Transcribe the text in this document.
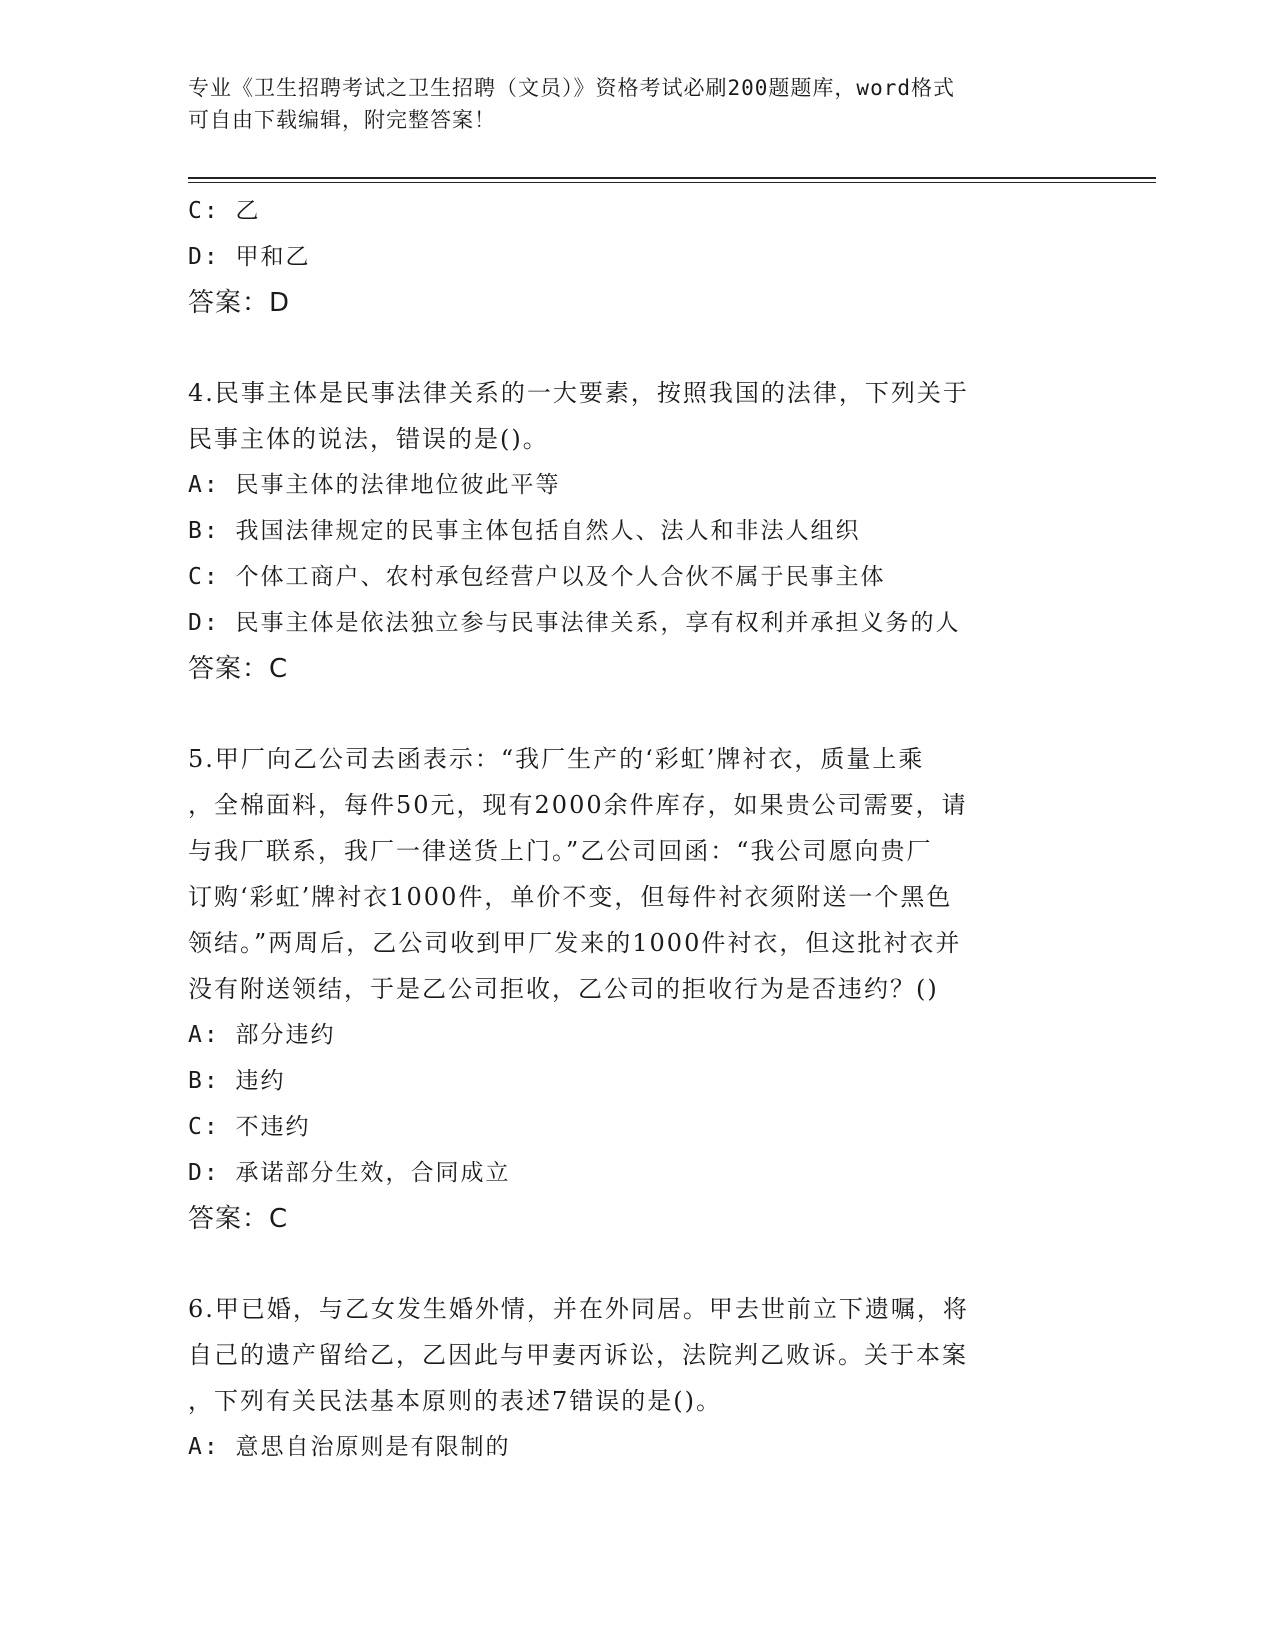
专业《卫生招聘考试之卫生招聘（文员）》资格考试必刷200题题库，word格式
可自由下载编辑，附完整答案！
C: 乙
D: 甲和乙
答案：D
4.民事主体是民事法律关系的一大要素，按照我国的法律，下列关于
民事主体的说法，错误的是()。
A: 民事主体的法律地位彼此平等
B: 我国法律规定的民事主体包括自然人、法人和非法人组织
C: 个体工商户、农村承包经营户以及个人合伙不属于民事主体
D: 民事主体是依法独立参与民事法律关系，享有权利并承担义务的人
答案：C
5.甲厂向乙公司去函表示：“我厂生产的‘彩虹’牌衬衣，质量上乘
，全棉面料，每件50元，现有2000余件库存，如果贵公司需要，请
与我厂联系，我厂一律送货上门。”乙公司回函：“我公司愿向贵厂
订购‘彩虹’牌衬衣1000件，单价不变，但每件衬衣须附送一个黑色
领结。”两周后，乙公司收到甲厂发来的1000件衬衣，但这批衬衣并
没有附送领结，于是乙公司拒收，乙公司的拒收行为是否违约？()
A: 部分违约
B: 违约
C: 不违约
D: 承诺部分生效，合同成立
答案：C
6.甲已婚，与乙女发生婚外情，并在外同居。甲去世前立下遗嘱，将
自己的遗产留给乙，乙因此与甲妻丙诉讼，法院判乙败诉。关于本案
，下列有关民法基本原则的表述7错误的是()。
A: 意思自治原则是有限制的
